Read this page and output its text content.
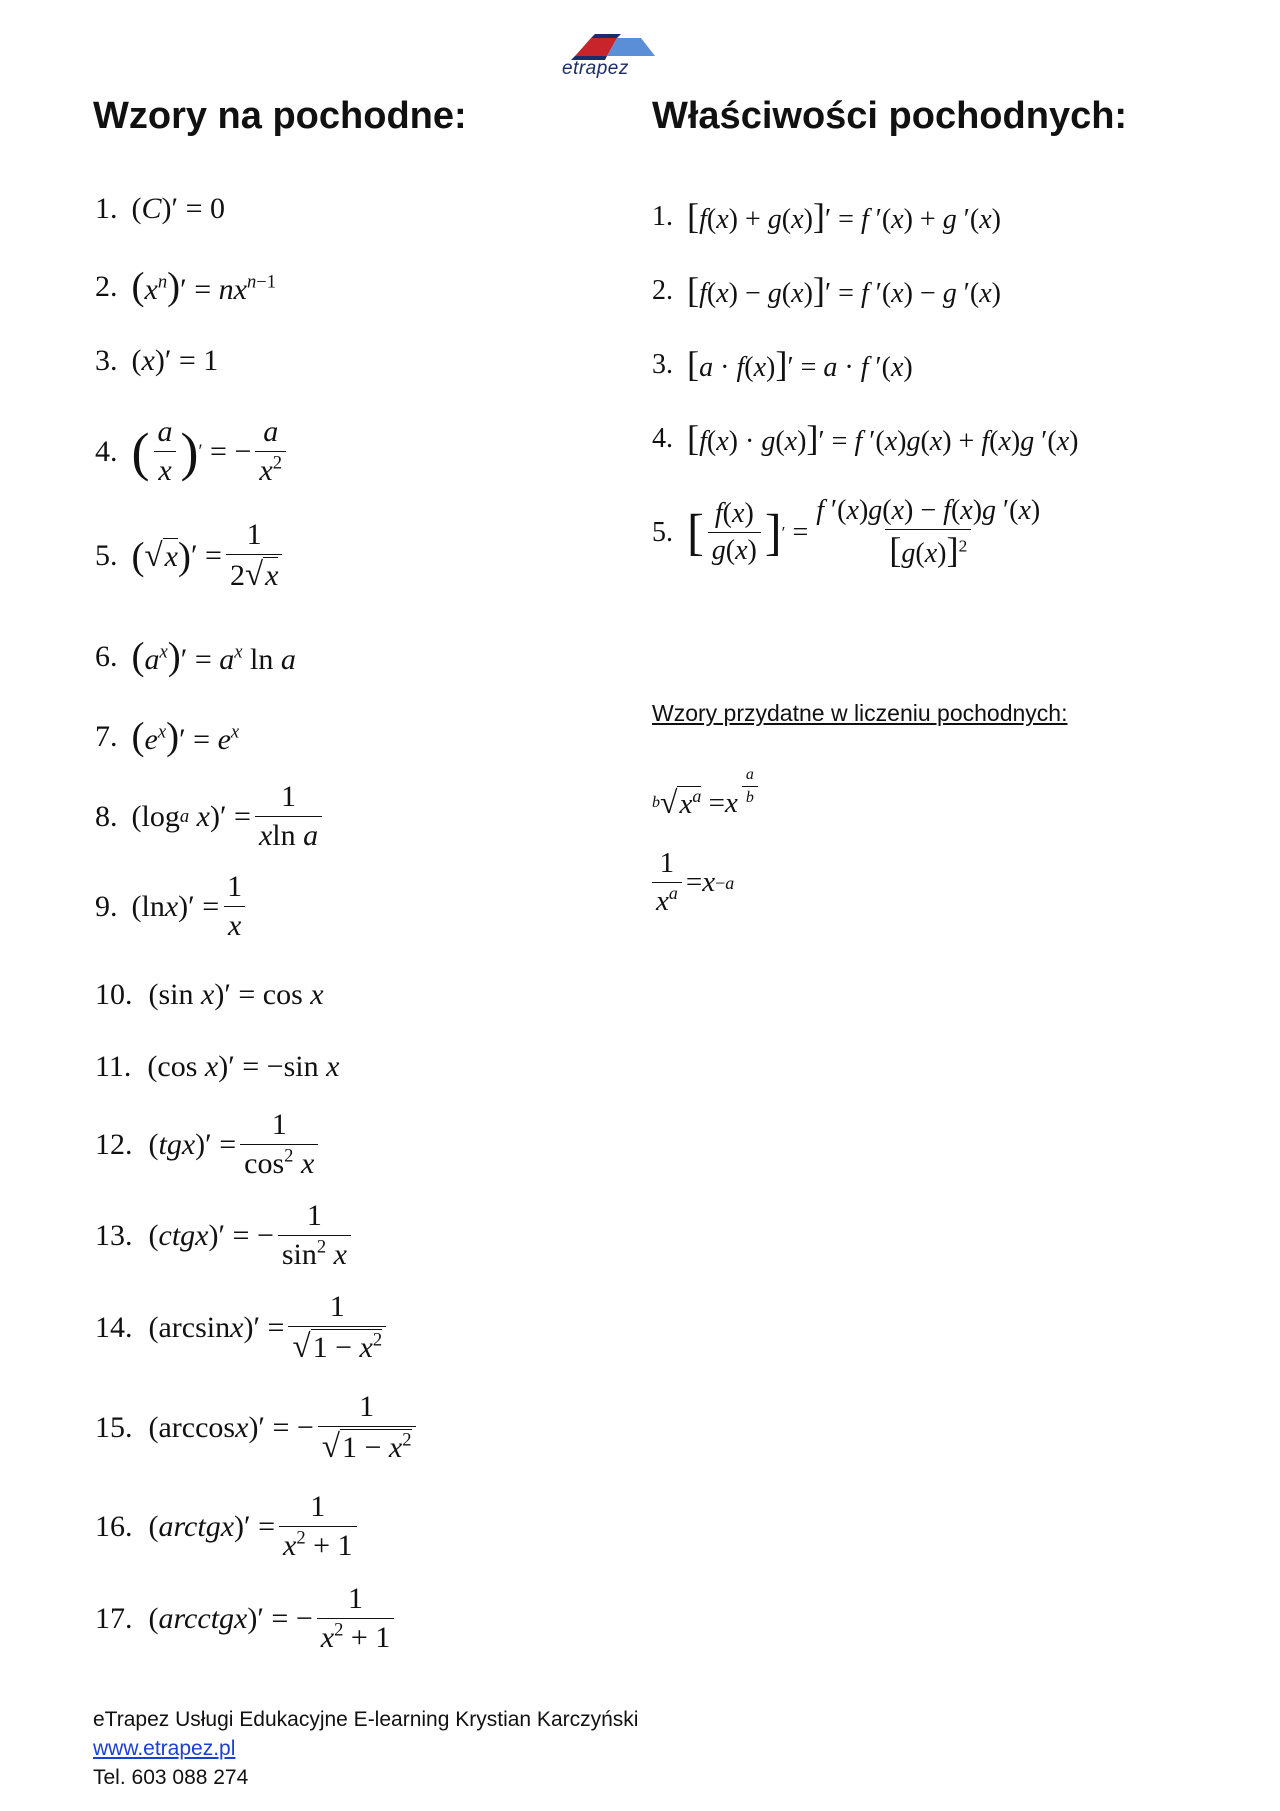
etrapez
Wzory na pochodne:	Właściwości pochodnych:
1. (C)′ = 0
2. $(x^n)' = nx^{n-1}$
3. (x)′ = 1
4. ( $\frac{a}{x}$ ) ′ = − $\frac{a}{x^2}$
5. ( √ x ) ′ = $\frac{1}{2√x}$
6. $(a^x)' = a^x$ ln a
7. $(e^x)' = e^x$
8. (log a
x )′ = $\frac{1}{\text{xln a}}$
9. (ln x )′ = $\frac{1}{x}$
10. (sin x)′ = cos x
11. (cos x)′ = −sin x
12. ( tgx )′ = $\frac{1}{\cos^2 x}$
13. ( ctgx )′ = − $\frac{1}{\sin^2 x}$
14. (arcsin x )′ = $\frac{1}{√1 - x^2}$
15. (arccos x )′ = − $\frac{1}{√1 - x^2}$
16. ( arctgx )′ = $\frac{1}{x^2 + 1}$
17. ( arcctgx )′ = − $\frac{1}{x^2 + 1}$
1. [f(x) + g(x)]′ = f ′(x) + g ′(x)
2. [f(x) − g(x)]′ = f ′(x) − g ′(x)
3. [a · f(x)]′ = a · f ′(x)
4. [f(x) · g(x)]′ = f ′(x)g(x) + f(x)g ′(x)
5. [ $\frac{f(x)}{g(x)}$ ] ′ = $\frac{f '(x)g(x) - f(x)g '(x)}{[g(x)]^2}$
Wzory przydatne w liczeniu pochodnych:
b √ $x^a = x \frac{a}{b}$
$\frac{1}{x^a} = x -a$
eTrapez Usługi Edukacyjne E-learning Krystian Karczyński
www.etrapez.pl
Tel. 603 088 274
